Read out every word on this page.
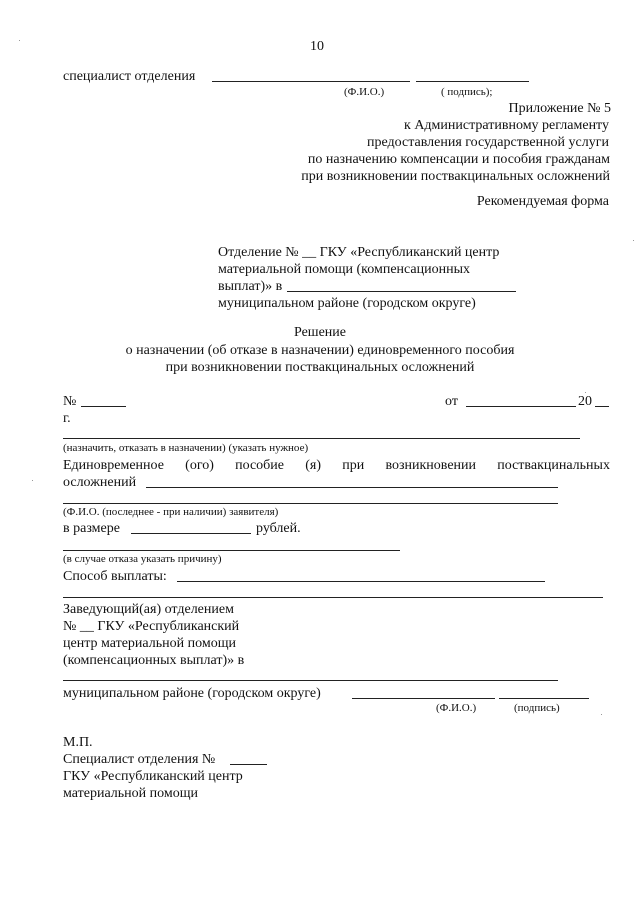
10
специалист отделения
(Ф.И.О.)	( подпись);
Приложение № 5
к Административному регламенту
предоставления государственной услуги
по назначению компенсации и пособия гражданам
при возникновении поствакцинальных осложнений
Рекомендуемая форма
Отделение № __ ГКУ «Республиканский центр
материальной помощи (компенсационных
выплат)» в
муниципальном районе (городском округе)
Решение
о назначении (об отказе в назначении) единовременного пособия
при возникновении поствакцинальных осложнений
№	от	20
г.
(назначить, отказать в назначении) (указать нужное)
Единовременное (ого) пособие (я) при возникновении поствакцинальных
осложнений
(Ф.И.О. (последнее - при наличии) заявителя)
в размере	рублей.
(в случае отказа указать причину)
Способ выплаты:
Заведующий(ая) отделением
№ __ ГКУ «Республиканский
центр материальной помощи
(компенсационных выплат)» в
муниципальном районе (городском округе)
(Ф.И.О.)	(подпись)
М.П.
Специалист отделения №
ГКУ «Республиканский центр
материальной помощи
